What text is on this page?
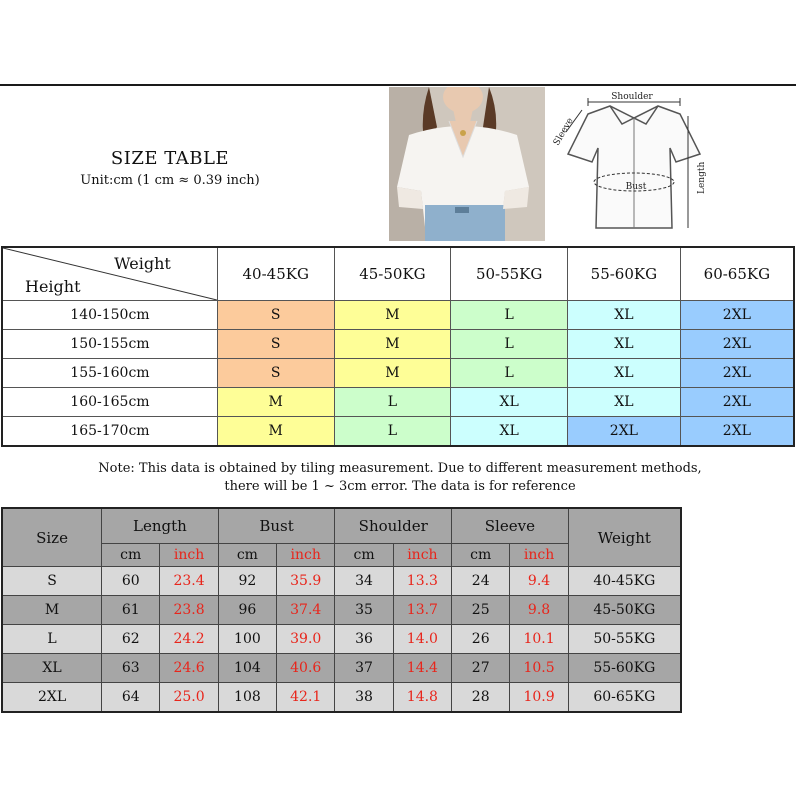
SIZE TABLE
Unit:cm (1 cm ≈ 0.39 inch)
Shoulder
Sleeve
Bust	Length
Weight
Height	40-45KG	45-50KG	50-55KG	55-60KG	60-65KG
140-150cm	S	M	L	XL	2XL
150-155cm	S	M	L	XL	2XL
155-160cm	S	M	L	XL	2XL
160-165cm	M	L	XL	XL	2XL
165-170cm	M	L	XL	2XL	2XL
Note: This data is obtained by tiling measurement. Due to different measurement methods,
there will be 1 ~ 3cm error. The data is for reference
Size	Length		Bust		Shoulder		Sleeve		Weight
	cm	inch	cm	inch	cm	inch	cm	inch	
S	60	23.4	92	35.9	34	13.3	24	9.4	40-45KG
M	61	23.8	96	37.4	35	13.7	25	9.8	45-50KG
L	62	24.2	100	39.0	36	14.0	26	10.1	50-55KG
XL	63	24.6	104	40.6	37	14.4	27	10.5	55-60KG
2XL	64	25.0	108	42.1	38	14.8	28	10.9	60-65KG
